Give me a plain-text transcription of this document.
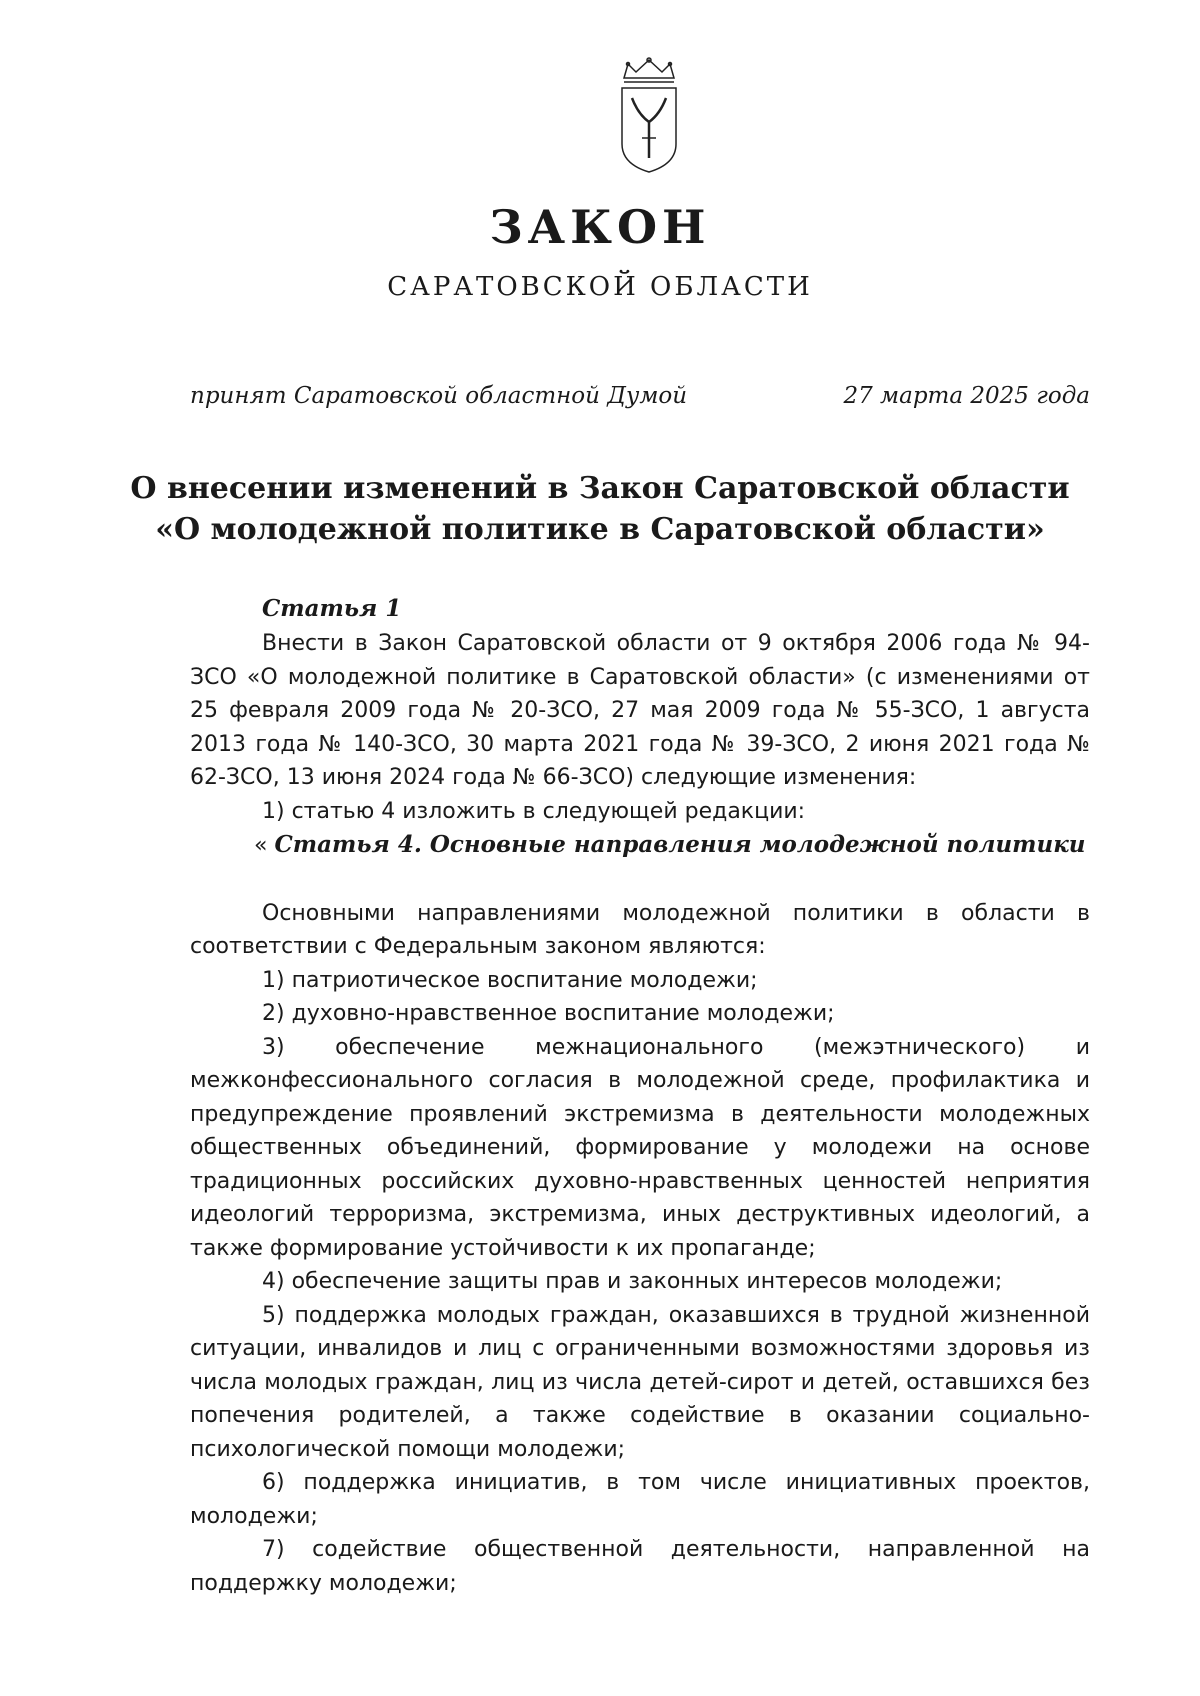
ЗАКОН
САРАТОВСКОЙ ОБЛАСТИ
принят Саратовской областной Думой	27 марта 2025 года
О внесении изменений в Закон Саратовской области
«О молодежной политике в Саратовской области»
Статья 1

Внести в Закон Саратовской области от 9 октября 2006 года № 94-ЗСО «О молодежной политике в Саратовской области» (с изменениями от 25 февраля 2009 года № 20-ЗСО, 27 мая 2009 года № 55-ЗСО, 1 августа 2013 года № 140-ЗСО, 30 марта 2021 года № 39-ЗСО, 2 июня 2021 года № 62-ЗСО, 13 июня 2024 года № 66-ЗСО) следующие изменения:

1) статью 4 изложить в следующей редакции:

« Статья 4. Основные направления молодежной политики

Основными направлениями молодежной политики в области в соответствии с Федеральным законом являются:

1) патриотическое воспитание молодежи;

2) духовно-нравственное воспитание молодежи;

3) обеспечение межнационального (межэтнического) и межконфессионального согласия в молодежной среде, профилактика и предупреждение проявлений экстремизма в деятельности молодежных общественных объединений, формирование у молодежи на основе традиционных российских духовно-нравственных ценностей неприятия идеологий терроризма, экстремизма, иных деструктивных идеологий, а также формирование устойчивости к их пропаганде;

4) обеспечение защиты прав и законных интересов молодежи;

5) поддержка молодых граждан, оказавшихся в трудной жизненной ситуации, инвалидов и лиц с ограниченными возможностями здоровья из числа молодых граждан, лиц из числа детей-сирот и детей, оставшихся без попечения родителей, а также содействие в оказании социально-психологической помощи молодежи;

6) поддержка инициатив, в том числе инициативных проектов, молодежи;

7) содействие общественной деятельности, направленной на поддержку молодежи;
